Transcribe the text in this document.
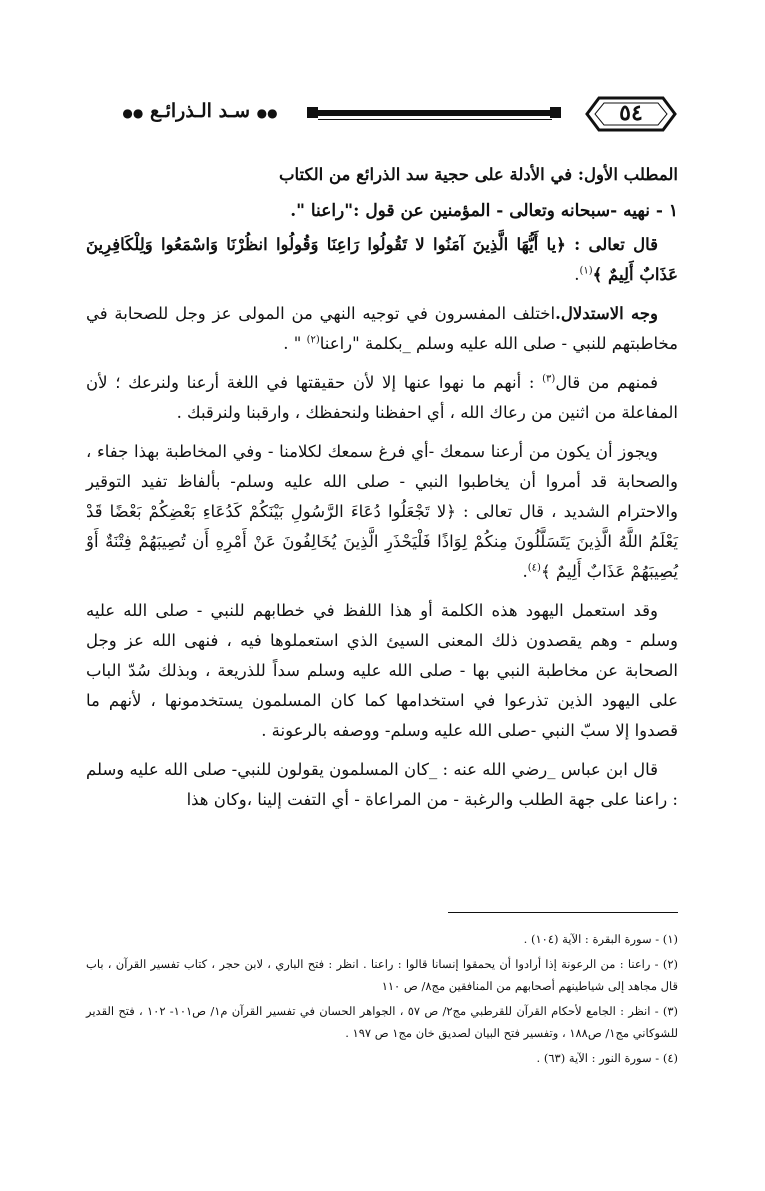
●● سـد الـذرائـع ●●	٥٤
المطلب الأول: في الأدلة على حجية سد الذرائع من الكتاب
١ - نهيه -سبحانه وتعالى - المؤمنين عن قول :"راعنا ".

قال تعالى : ﴿يا أَيُّهَا الَّذِينَ آمَنُوا لا تَقُولُوا رَاعِنَا وَقُولُوا انظُرْنَا وَاسْمَعُوا وَلِلْكَافِرِينَ عَذَابٌ أَلِيمٌ ﴾$^{(١)}$.

وجه الاستدلال.اختلف المفسرون في توجيه النهي من المولى عز وجل للصحابة في مخاطبتهم للنبي - صلى الله عليه وسلم _بكلمة "راعنا$^{(٢)}$ " .

فمنهم من قال$^{(٣)}$ : أنهم ما نهوا عنها إلا لأن حقيقتها في اللغة أرعنا ولنرعك ؛ لأن المفاعلة من اثنين من رعاك الله ، أي احفظنا ولنحفظك ، وارقبنا ولنرقبك .

ويجوز أن يكون من أرعنا سمعك -أي فرغ سمعك لكلامنا - وفي المخاطبة بهذا جفاء ، والصحابة قد أمروا أن يخاطبوا النبي - صلى الله عليه وسلم- بألفاظ تفيد التوقير والاحترام الشديد ، قال تعالى : ﴿لا تَجْعَلُوا دُعَاءَ الرَّسُولِ بَيْنَكُمْ كَدُعَاءِ بَعْضِكُمْ بَعْضًا قَدْ يَعْلَمُ اللَّهُ الَّذِينَ يَتَسَلَّلُونَ مِنكُمْ لِوَاذًا فَلْيَحْذَرِ الَّذِينَ يُخَالِفُونَ عَنْ أَمْرِهِ أَن تُصِيبَهُمْ فِتْنَةٌ أَوْ يُصِيبَهُمْ عَذَابٌ أَلِيمٌ ﴾$^{(٤)}$.

وقد استعمل اليهود هذه الكلمة أو هذا اللفظ في خطابهم للنبي - صلى الله عليه وسلم - وهم يقصدون ذلك المعنى السيئ الذي استعملوها فيه ، فنهى الله عز وجل الصحابة عن مخاطبة النبي بها - صلى الله عليه وسلم سداً للذريعة ، وبذلك سُدّ الباب على اليهود الذين تذرعوا في استخدامها كما كان المسلمون يستخدمونها ، لأنهم ما قصدوا إلا سبّ النبي -صلى الله عليه وسلم- ووصفه بالرعونة .

قال ابن عباس _رضي الله عنه : _كان المسلمون يقولون للنبي- صلى الله عليه وسلم : راعنا على جهة الطلب والرغبة - من المراعاة - أي التفت إلينا ،وكان هذا

(١) - سورة البقرة : الآية (١٠٤) .

(٢) - راعنا : من الرعونة إذا أرادوا أن يحمقوا إنسانا قالوا : راعنا . انظر : فتح الباري ، لابن حجر ، كتاب تفسير القرآن ، باب قال مجاهد إلى شياطينهم أصحابهم من المنافقين مج٨/ ص ١١٠

(٣) - انظر : الجامع لأحكام القرآن للقرطبي مج٢/ ص ٥٧ ، الجواهر الحسان في تفسير القرآن م١/ ص١٠١- ١٠٢ ، فتح القدير للشوكاني مج١/ ص١٨٨ ، وتفسير فتح البيان لصديق خان مج١ ص ١٩٧ .

(٤) - سورة النور : الآية (٦٣) .
